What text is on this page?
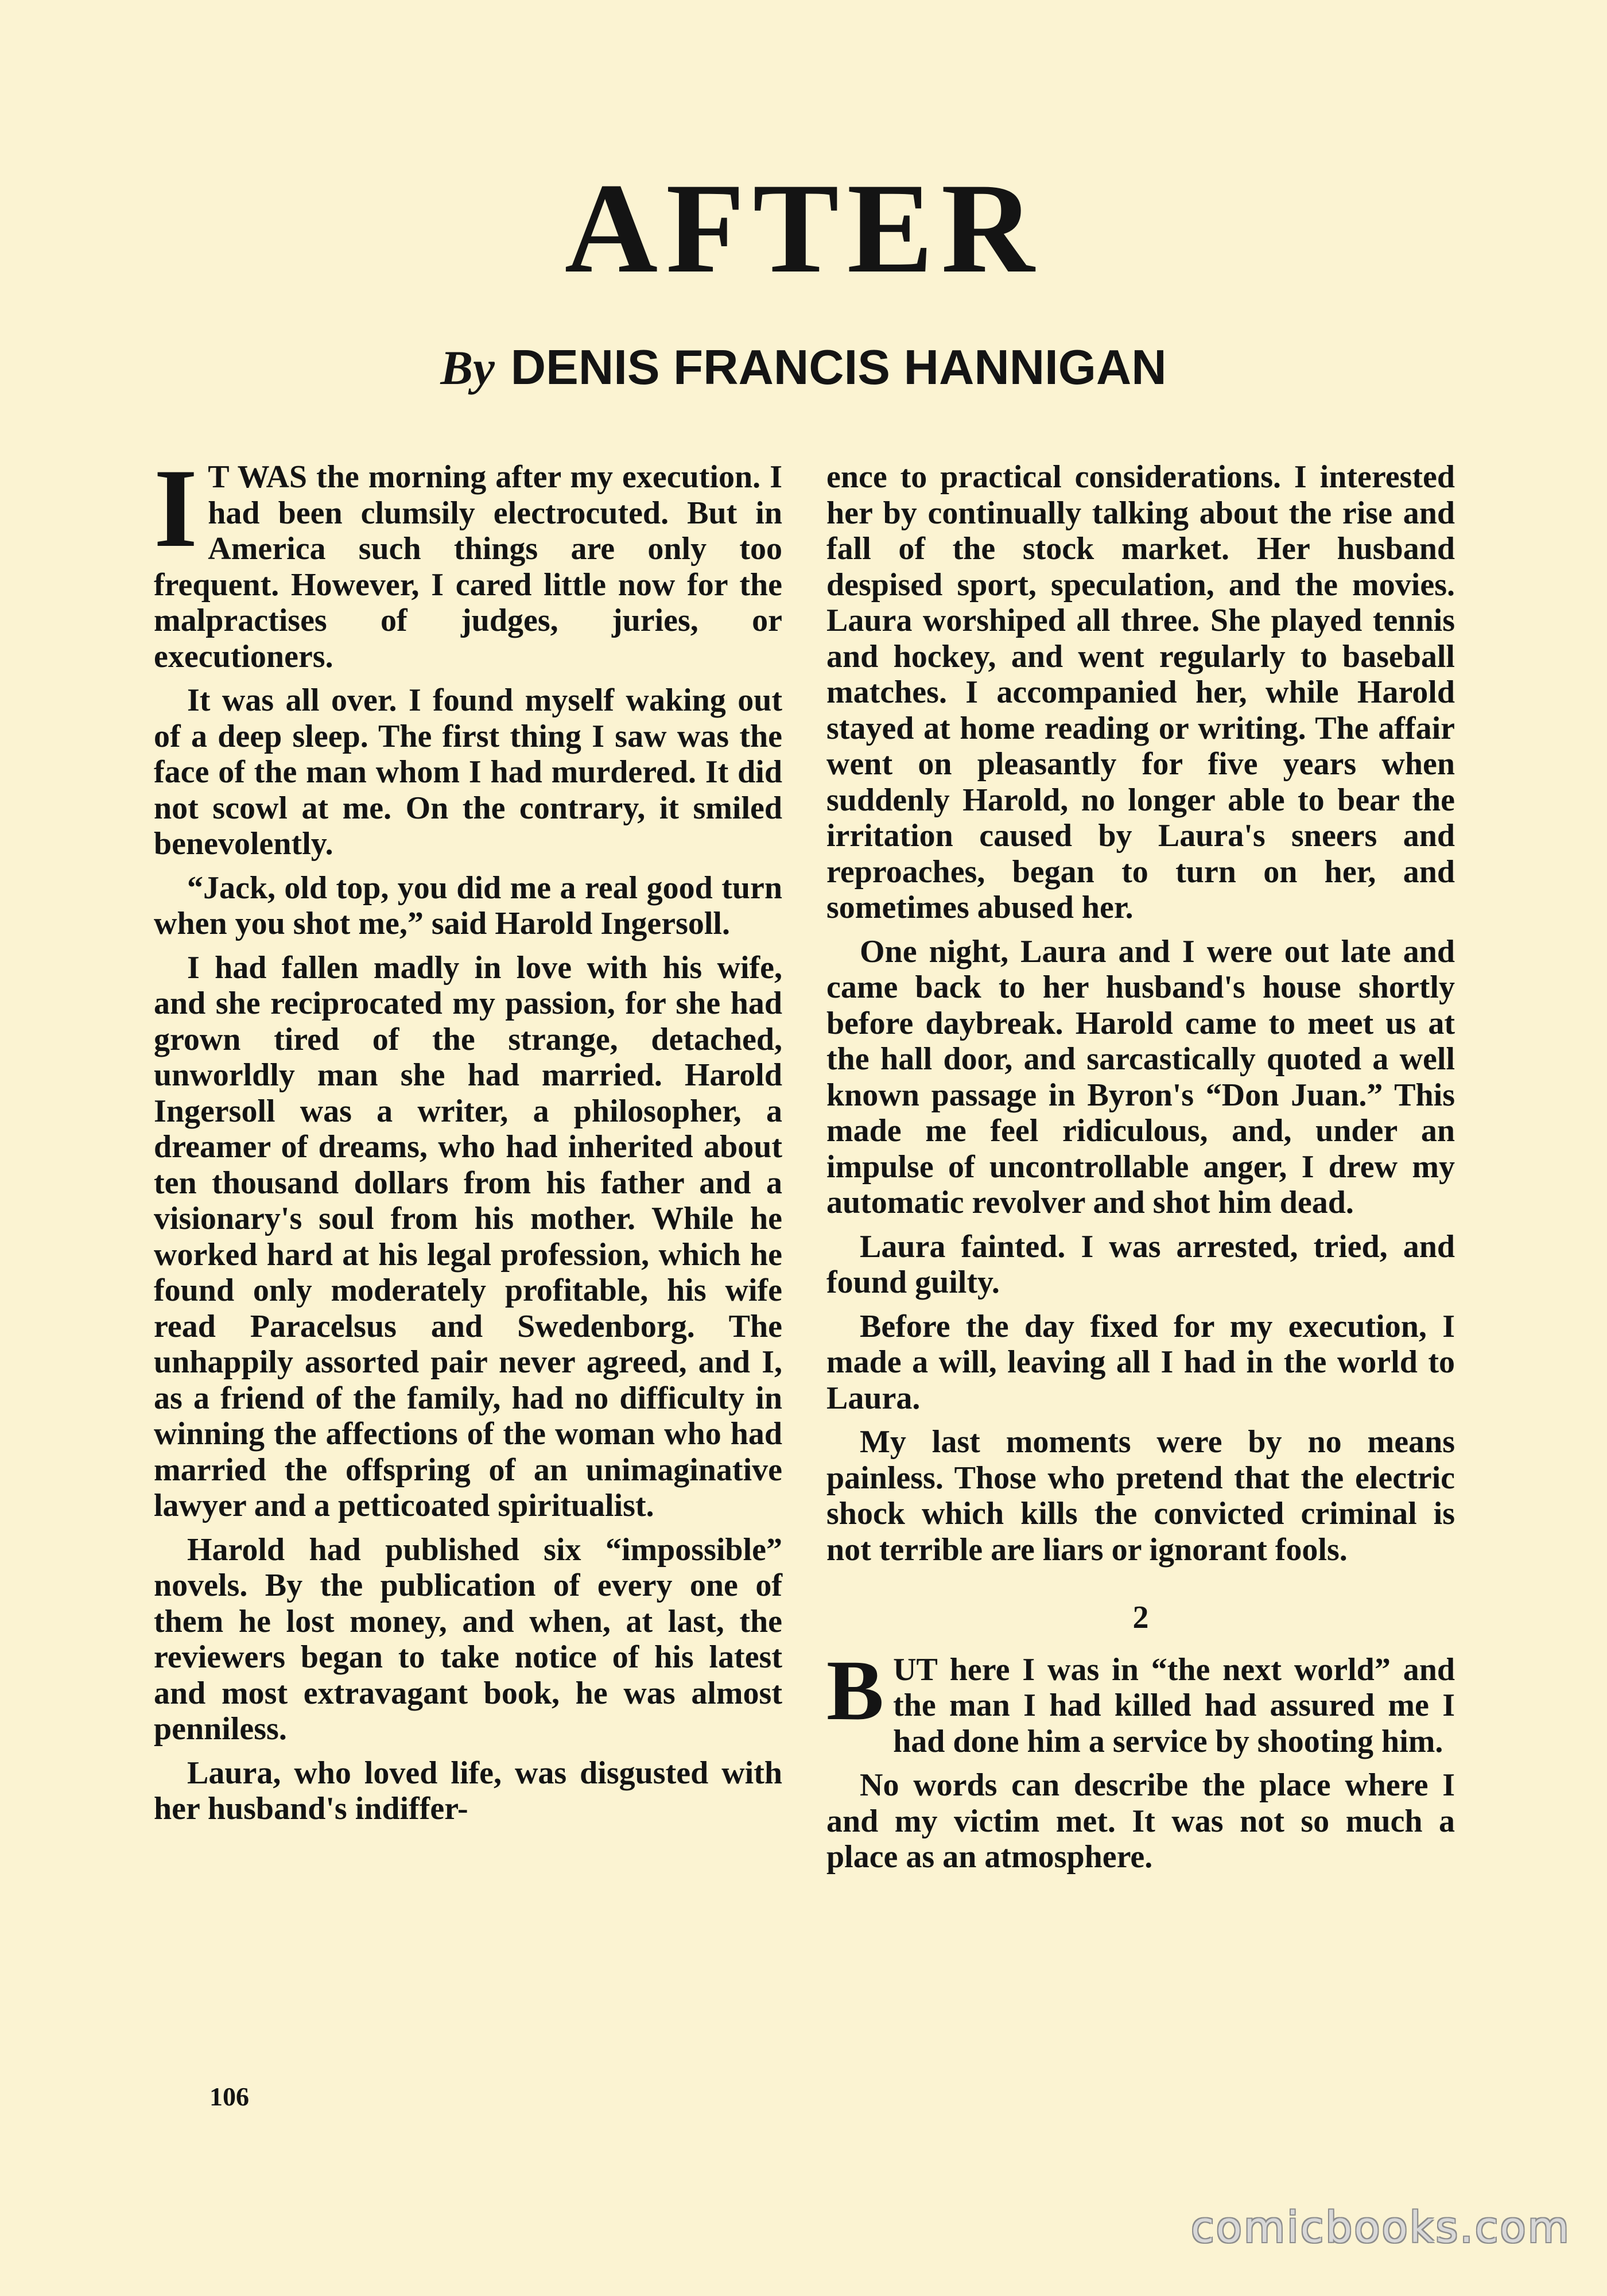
AFTER
By DENIS FRANCIS HANNIGAN

I T WAS the morning after my execution. I had been clumsily electrocuted. But in America such things are only too frequent. However, I cared little now for the malpractises of judges, juries, or executioners.

It was all over. I found myself waking out of a deep sleep. The first thing I saw was the face of the man whom I had murdered. It did not scowl at me. On the contrary, it smiled benevolently.

“Jack, old top, you did me a real good turn when you shot me,” said Harold Ingersoll.

I had fallen madly in love with his wife, and she reciprocated my passion, for she had grown tired of the strange, detached, unworldly man she had married. Harold Ingersoll was a writer, a philosopher, a dreamer of dreams, who had inherited about ten thousand dollars from his father and a visionary's soul from his mother. While he worked hard at his legal profession, which he found only moderately profitable, his wife read Paracelsus and Swedenborg. The unhappily assorted pair never agreed, and I, as a friend of the family, had no difficulty in winning the affections of the woman who had married the offspring of an unimaginative lawyer and a petticoated spiritualist.

Harold had published six “impossible” novels. By the publication of every one of them he lost money, and when, at last, the reviewers began to take notice of his latest and most extravagant book, he was almost penniless.

Laura, who loved life, was disgusted with her husband's indiffer-

ence to practical considerations. I interested her by continually talking about the rise and fall of the stock market. Her husband despised sport, speculation, and the movies. Laura worshiped all three. She played tennis and hockey, and went regularly to baseball matches. I accompanied her, while Harold stayed at home reading or writing. The affair went on pleasantly for five years when suddenly Harold, no longer able to bear the irritation caused by Laura's sneers and reproaches, began to turn on her, and sometimes abused her.

One night, Laura and I were out late and came back to her husband's house shortly before daybreak. Harold came to meet us at the hall door, and sarcastically quoted a well known passage in Byron's “Don Juan.” This made me feel ridiculous, and, under an impulse of uncontrollable anger, I drew my automatic revolver and shot him dead.

Laura fainted. I was arrested, tried, and found guilty.

Before the day fixed for my execution, I made a will, leaving all I had in the world to Laura.

My last moments were by no means painless. Those who pretend that the electric shock which kills the convicted criminal is not terrible are liars or ignorant fools.

2

BUT here I was in “the next world” and the man I had killed had assured me I had done him a service by shooting him.

No words can describe the place where I and my victim met. It was not so much a place as an atmosphere.

106
comicbooks.com
